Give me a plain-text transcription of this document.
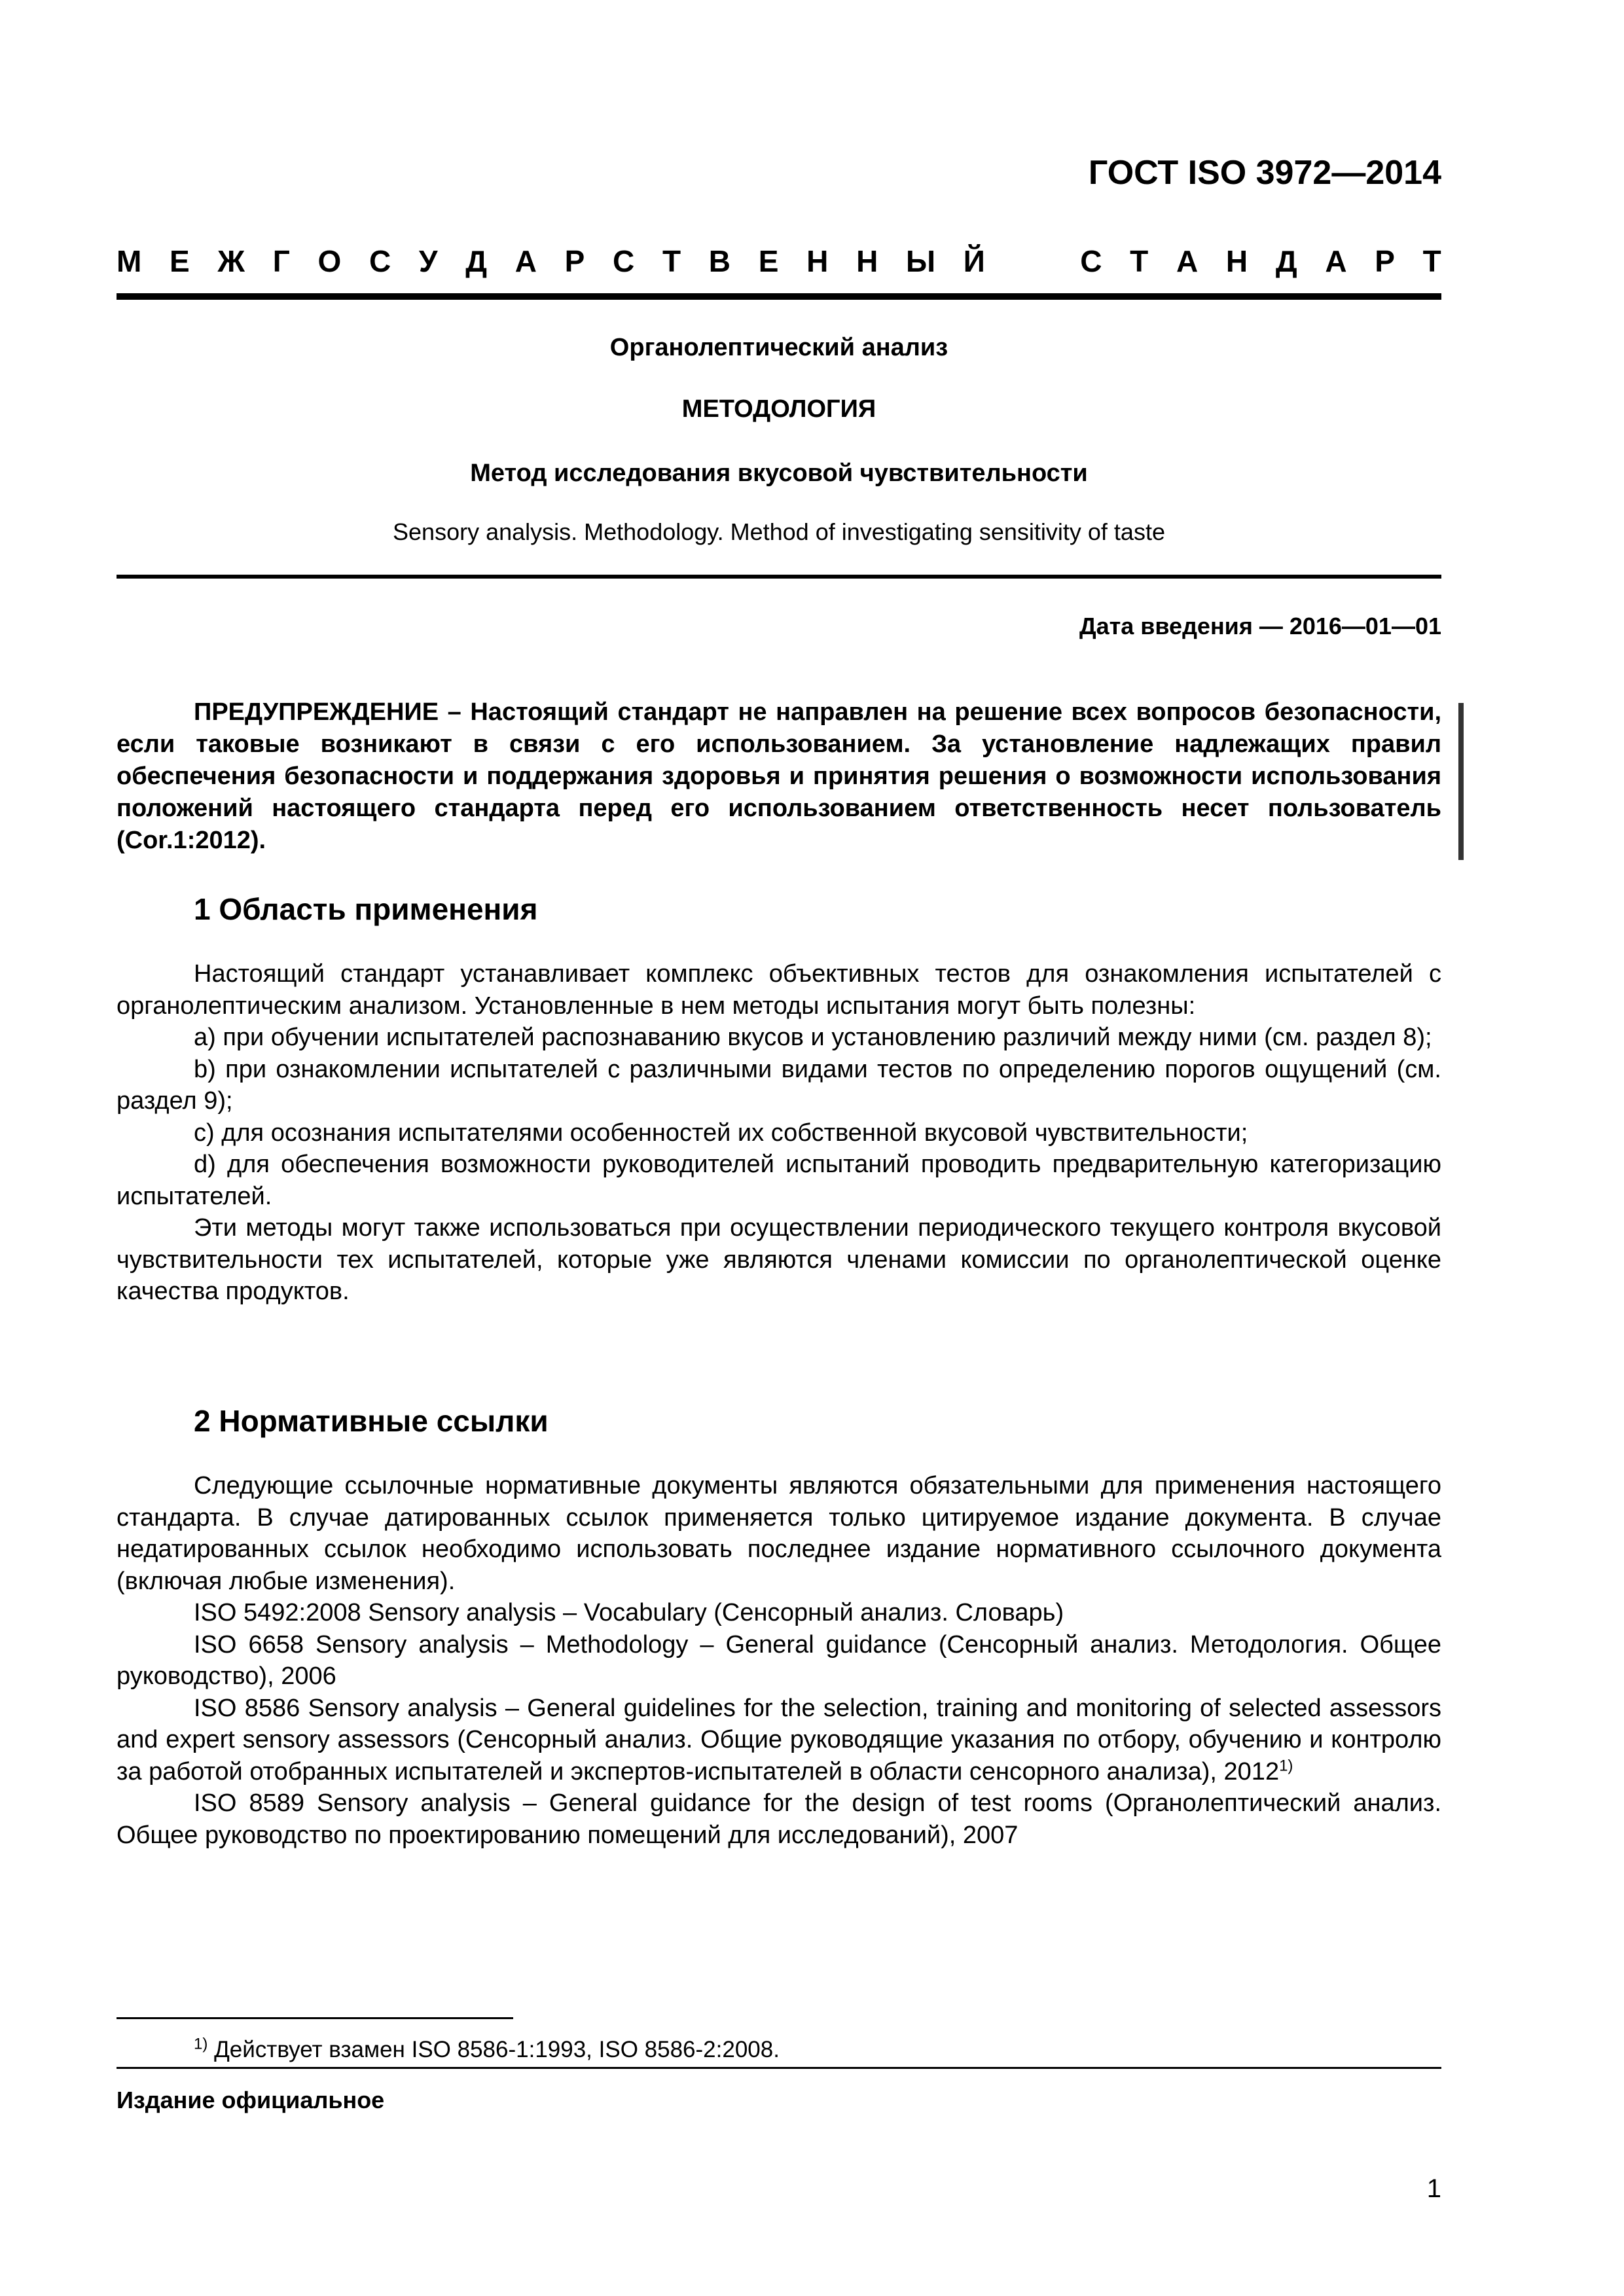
ГОСТ ISO 3972—2014
М Е Ж Г О С У Д А Р С Т В Е Н Н Ы Й	С Т А Н Д А Р Т
Органолептический анализ
МЕТОДОЛОГИЯ
Метод исследования вкусовой чувствительности
Sensory analysis. Methodology. Method of investigating sensitivity of taste
Дата введения — 2016—01—01
ПРЕДУПРЕЖДЕНИЕ – Настоящий стандарт не направлен на решение всех вопросов безопасности, если таковые возникают в связи с его использованием. За установление надлежащих правил обеспечения безопасности и поддержания здоровья и принятия решения о возможности использования положений настоящего стандарта перед его использованием ответственность несет пользователь (Cor.1:2012).
1 Область применения

Настоящий стандарт устанавливает комплекс объективных тестов для ознакомления испытателей с органолептическим анализом. Установленные в нем методы испытания могут быть полезны:

a) при обучении испытателей распознаванию вкусов и установлению различий между ними (см. раздел 8);

b) при ознакомлении испытателей с различными видами тестов по определению порогов ощущений (см. раздел 9);

c) для осознания испытателями особенностей их собственной вкусовой чувствительности;

d) для обеспечения возможности руководителей испытаний проводить предварительную категоризацию испытателей.

Эти методы могут также использоваться при осуществлении периодического текущего контроля вкусовой чувствительности тех испытателей, которые уже являются членами комиссии по органолептической оценке качества продуктов.

2 Нормативные ссылки

Следующие ссылочные нормативные документы являются обязательными для применения настоящего стандарта. В случае датированных ссылок применяется только цитируемое издание документа. В случае недатированных ссылок необходимо использовать последнее издание нормативного ссылочного документа (включая любые изменения).

ISO 5492:2008 Sensory analysis – Vocabulary (Сенсорный анализ. Словарь)

ISO 6658 Sensory analysis – Methodology – General guidance (Сенсорный анализ. Методология. Общее руководство), 2006

ISO 8586 Sensory analysis – General guidelines for the selection, training and monitoring of selected assessors and expert sensory assessors (Сенсорный анализ. Общие руководящие указания по отбору, обучению и контролю за работой отобранных испытателей и экспертов-испытателей в области сенсорного анализа), 2012$^{1)}$

ISO 8589 Sensory analysis – General guidance for the design of test rooms (Органолептический анализ. Общее руководство по проектированию помещений для исследований), 2007

$^{1)}$ Действует взамен ISO 8586-1:1993, ISO 8586-2:2008.
Издание официальное
1
